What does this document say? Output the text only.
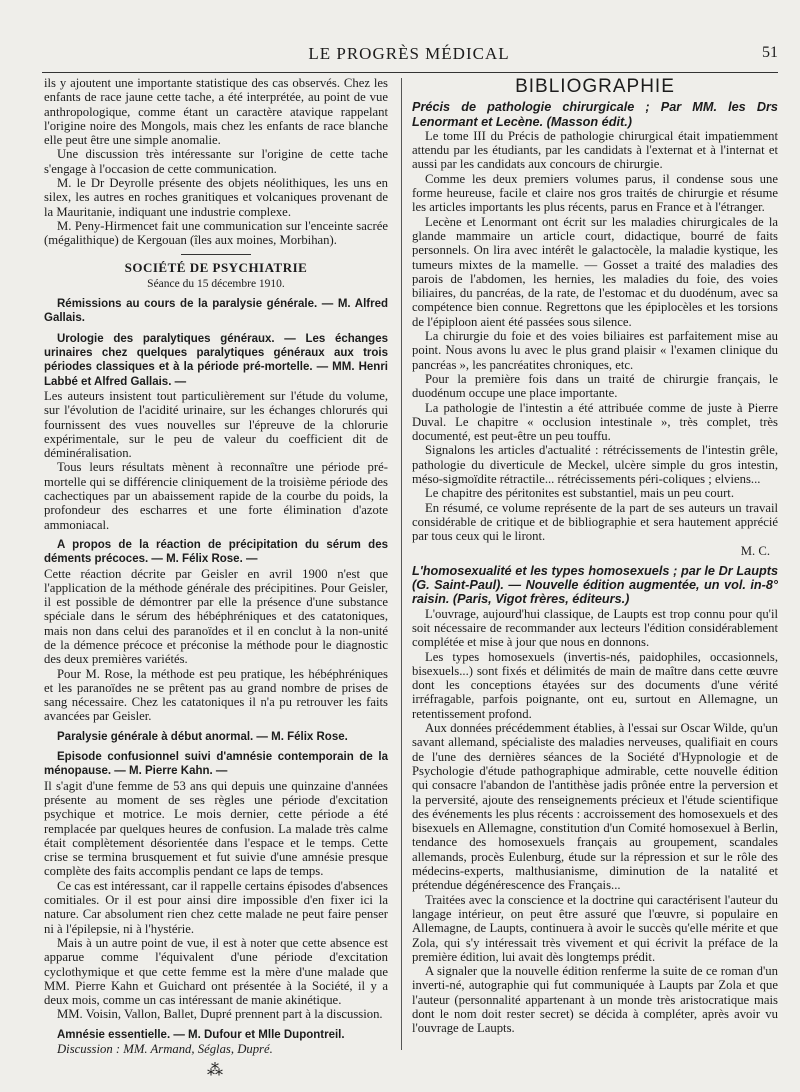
LE PROGRÈS MÉDICAL	51

ils y ajoutent une importante statistique des cas observés. Chez les enfants de race jaune cette tache, a été interprétée, au point de vue anthropologique, comme étant un caractère atavique rappelant l'origine noire des Mongols, mais chez les enfants de race blanche elle peut être une simple anomalie.

Une discussion très intéressante sur l'origine de cette tache s'engage à l'occasion de cette communication.

M. le Dr Deyrolle présente des objets néolithiques, les uns en silex, les autres en roches granitiques et volcaniques provenant de la Mauritanie, indiquant une industrie complexe.

M. Peny-Hirmencet fait une communication sur l'enceinte sacrée (mégalithique) de Kergouan (îles aux moines, Morbihan).

SOCIÉTÉ DE PSYCHIATRIE
Séance du 15 décembre 1910.

Rémissions au cours de la paralysie générale. — M. Alfred Gallais.

Urologie des paralytiques généraux. — Les échanges urinaires chez quelques paralytiques généraux aux trois périodes classiques et à la période pré-mortelle. — MM. Henri Labbé et Alfred Gallais. —

Les auteurs insistent tout particulièrement sur l'étude du volume, sur l'évolution de l'acidité urinaire, sur les échanges chlorurés qui fournissent des vues nouvelles sur l'épreuve de la chlorurie expérimentale, sur le peu de valeur du coefficient dit de déminéralisation.

Tous leurs résultats mènent à reconnaître une période pré-mortelle qui se différencie cliniquement de la troisième période des cachectiques par un abaissement rapide de la courbe du poids, la profondeur des escharres et une forte élimination d'azote ammoniacal.

A propos de la réaction de précipitation du sérum des déments précoces. — M. Félix Rose. —

Cette réaction décrite par Geisler en avril 1900 n'est que l'application de la méthode générale des précipitines. Pour Geisler, il est possible de démontrer par elle la présence d'une substance spéciale dans le sérum des hébéphréniques et des catatoniques, mais non dans celui des paranoïdes et il en conclut à la non-unité de la démence précoce et préconise la méthode pour le diagnostic des deux premières variétés.

Pour M. Rose, la méthode est peu pratique, les hébéphréniques et les paranoïdes ne se prêtent pas au grand nombre de prises de sang nécessaire. Chez les catatoniques il n'a pu retrouver les faits avancées par Geisler.

Paralysie générale à début anormal. — M. Félix Rose.

Episode confusionnel suivi d'amnésie contemporain de la ménopause. — M. Pierre Kahn. —

Il s'agit d'une femme de 53 ans qui depuis une quinzaine d'années présente au moment de ses règles une période d'excitation psychique et motrice. Le mois dernier, cette période a été remplacée par quelques heures de confusion. La malade très calme était complètement désorientée dans l'espace et le temps. Cette crise se termina brusquement et fut suivie d'une amnésie presque complète des faits accomplis pendant ce laps de temps.

Ce cas est intéressant, car il rappelle certains épisodes d'absences comitiales. Or il est pour ainsi dire impossible d'en fixer ici la nature. Car absolument rien chez cette malade ne peut faire penser ni à l'épilepsie, ni à l'hystérie.

Mais à un autre point de vue, il est à noter que cette absence est apparue comme l'équivalent d'une période d'excitation cyclothymique et que cette femme est la mère d'une malade que MM. Pierre Kahn et Guichard ont présentée à la Société, il y a deux mois, comme un cas intéressant de manie akinétique.

MM. Voisin, Vallon, Ballet, Dupré prennent part à la discussion.

Amnésie essentielle. — M. Dufour et Mlle Dupontreil.

Discussion : MM. Armand, Séglas, Dupré.

⁂
BIBLIOGRAPHIE

Précis de pathologie chirurgicale ; Par MM. les Drs Lenormant et Lecène. (Masson édit.)

Le tome III du Précis de pathologie chirurgical était impatiemment attendu par les étudiants, par les candidats à l'externat et à l'internat et aussi par les candidats aux concours de chirurgie.

Comme les deux premiers volumes parus, il condense sous une forme heureuse, facile et claire nos gros traités de chirurgie et résume les articles importants les plus récents, parus en France et à l'étranger.

Lecène et Lenormant ont écrit sur les maladies chirurgicales de la glande mammaire un article court, didactique, bourré de faits personnels. On lira avec intérêt le galactocèle, la maladie kystique, les tumeurs mixtes de la mamelle. — Gosset a traité des maladies des parois de l'abdomen, les hernies, les maladies du foie, des voies biliaires, du pancréas, de la rate, de l'estomac et du duodénum, avec sa compétence bien connue. Regrettons que les épiplocèles et les torsions de l'épiploon aient été passées sous silence.

La chirurgie du foie et des voies biliaires est parfaitement mise au point. Nous avons lu avec le plus grand plaisir « l'examen clinique du pancréas », les pancréatites chroniques, etc.

Pour la première fois dans un traité de chirurgie français, le duodénum occupe une place importante.

La pathologie de l'intestin a été attribuée comme de juste à Pierre Duval. Le chapitre « occlusion intestinale », très complet, très documenté, est peut-être un peu touffu.

Signalons les articles d'actualité : rétrécissements de l'intestin grêle, pathologie du diverticule de Meckel, ulcère simple du gros intestin, méso-sigmoïdite rétractile... rétrécissements péri-coliques ; elviens...

Le chapitre des péritonites est substantiel, mais un peu court.

En résumé, ce volume représente de la part de ses auteurs un travail considérable de critique et de bibliographie et sera hautement apprécié par tous ceux qui le liront.

M. C.

L'homosexualité et les types homosexuels ; par le Dr Laupts (G. Saint-Paul). — Nouvelle édition augmentée, un vol. in-8° raisin. (Paris, Vigot frères, éditeurs.)

L'ouvrage, aujourd'hui classique, de Laupts est trop connu pour qu'il soit nécessaire de recommander aux lecteurs l'édition considérablement complétée et mise à jour que nous en donnons.

Les types homosexuels (invertis-nés, paidophiles, occasionnels, bisexuels...) sont fixés et délimités de main de maître dans cette œuvre dont les conceptions étayées sur des documents d'une vérité irréfragable, parfois poignante, ont eu, surtout en Allemagne, un retentissement profond.

Aux données précédemment établies, à l'essai sur Oscar Wilde, qu'un savant allemand, spécialiste des maladies nerveuses, qualifiait en cours de l'une des dernières séances de la Société d'Hypnologie et de Psychologie d'étude pathographique admirable, cette nouvelle édition qui consacre l'abandon de l'antithèse jadis prônée entre la perversion et la perversité, ajoute des renseignements précieux et l'étude scientifique des événements les plus récents : accroissement des homosexuels et des bisexuels en Allemagne, constitution d'un Comité homosexuel à Berlin, tendance des homosexuels français au groupement, scandales allemands, procès Eulenburg, étude sur la répression et sur le rôle des médecins-experts, malthusianisme, diminution de la natalité et prétendue dégénérescence des Français...

Traitées avec la conscience et la doctrine qui caractérisent l'auteur du langage intérieur, on peut être assuré que l'œuvre, si populaire en Allemagne, de Laupts, continuera à avoir le succès qu'elle mérite et que Zola, qui s'y intéressait très vivement et qui écrivit la préface de la première édition, lui avait dès longtemps prédit.

A signaler que la nouvelle édition renferme la suite de ce roman d'un inverti-né, autographie qui fut communiquée à Laupts par Zola et que l'auteur (personnalité appartenant à un monde très aristocratique mais dont le nom doit rester secret) se décida à compléter, après avoir vu l'ouvrage de Laupts.
